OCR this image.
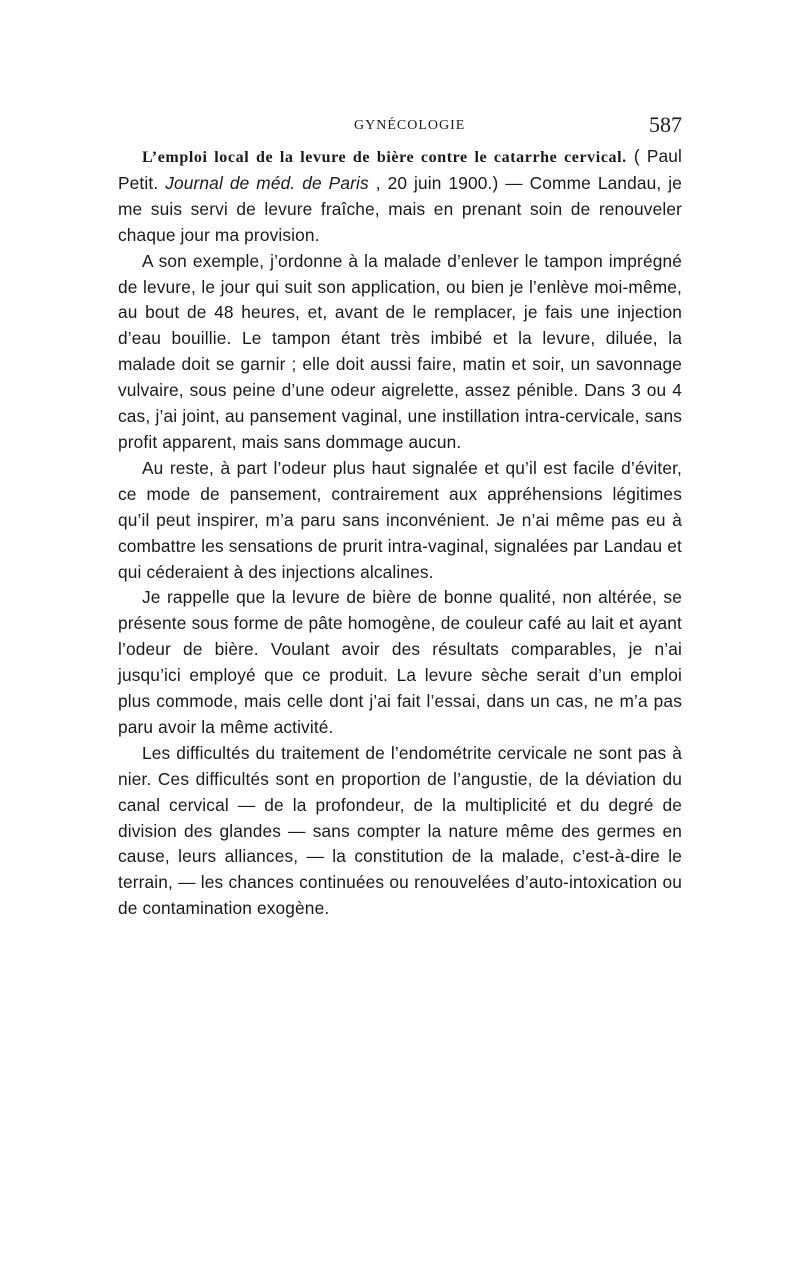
GYNÉCOLOGIE	587

L’emploi local de la levure de bière contre le catarrhe cervical. ( Paul Petit. Journal de méd. de Paris , 20 juin 1900.) — Comme Landau, je me suis servi de levure fraîche, mais en prenant soin de renouveler chaque jour ma provision.

A son exemple, j’ordonne à la malade d’enlever le tampon imprégné de levure, le jour qui suit son application, ou bien je l’enlève moi-même, au bout de 48 heures, et, avant de le remplacer, je fais une injection d’eau bouillie. Le tampon étant très imbibé et la levure, diluée, la malade doit se garnir ; elle doit aussi faire, matin et soir, un savonnage vulvaire, sous peine d’une odeur aigrelette, assez pénible. Dans 3 ou 4 cas, j’ai joint, au pansement vaginal, une instillation intra-cervicale, sans profit apparent, mais sans dommage aucun.

Au reste, à part l’odeur plus haut signalée et qu’il est facile d’éviter, ce mode de pansement, contrairement aux appréhensions légitimes qu’il peut inspirer, m’a paru sans inconvénient. Je n’ai même pas eu à combattre les sensations de prurit intra-vaginal, signalées par Landau et qui céderaient à des injections alcalines.

Je rappelle que la levure de bière de bonne qualité, non altérée, se présente sous forme de pâte homogène, de couleur café au lait et ayant l’odeur de bière. Voulant avoir des résultats comparables, je n’ai jusqu’ici employé que ce produit. La levure sèche serait d’un emploi plus commode, mais celle dont j’ai fait l’essai, dans un cas, ne m’a pas paru avoir la même activité.

Les difficultés du traitement de l’endométrite cervicale ne sont pas à nier. Ces difficultés sont en proportion de l’angustie, de la déviation du canal cervical — de la profondeur, de la multiplicité et du degré de division des glandes — sans compter la nature même des germes en cause, leurs alliances, — la constitution de la malade, c’est-à-dire le terrain, — les chances continuées ou renouvelées d’auto-intoxication ou de contamination exogène.
